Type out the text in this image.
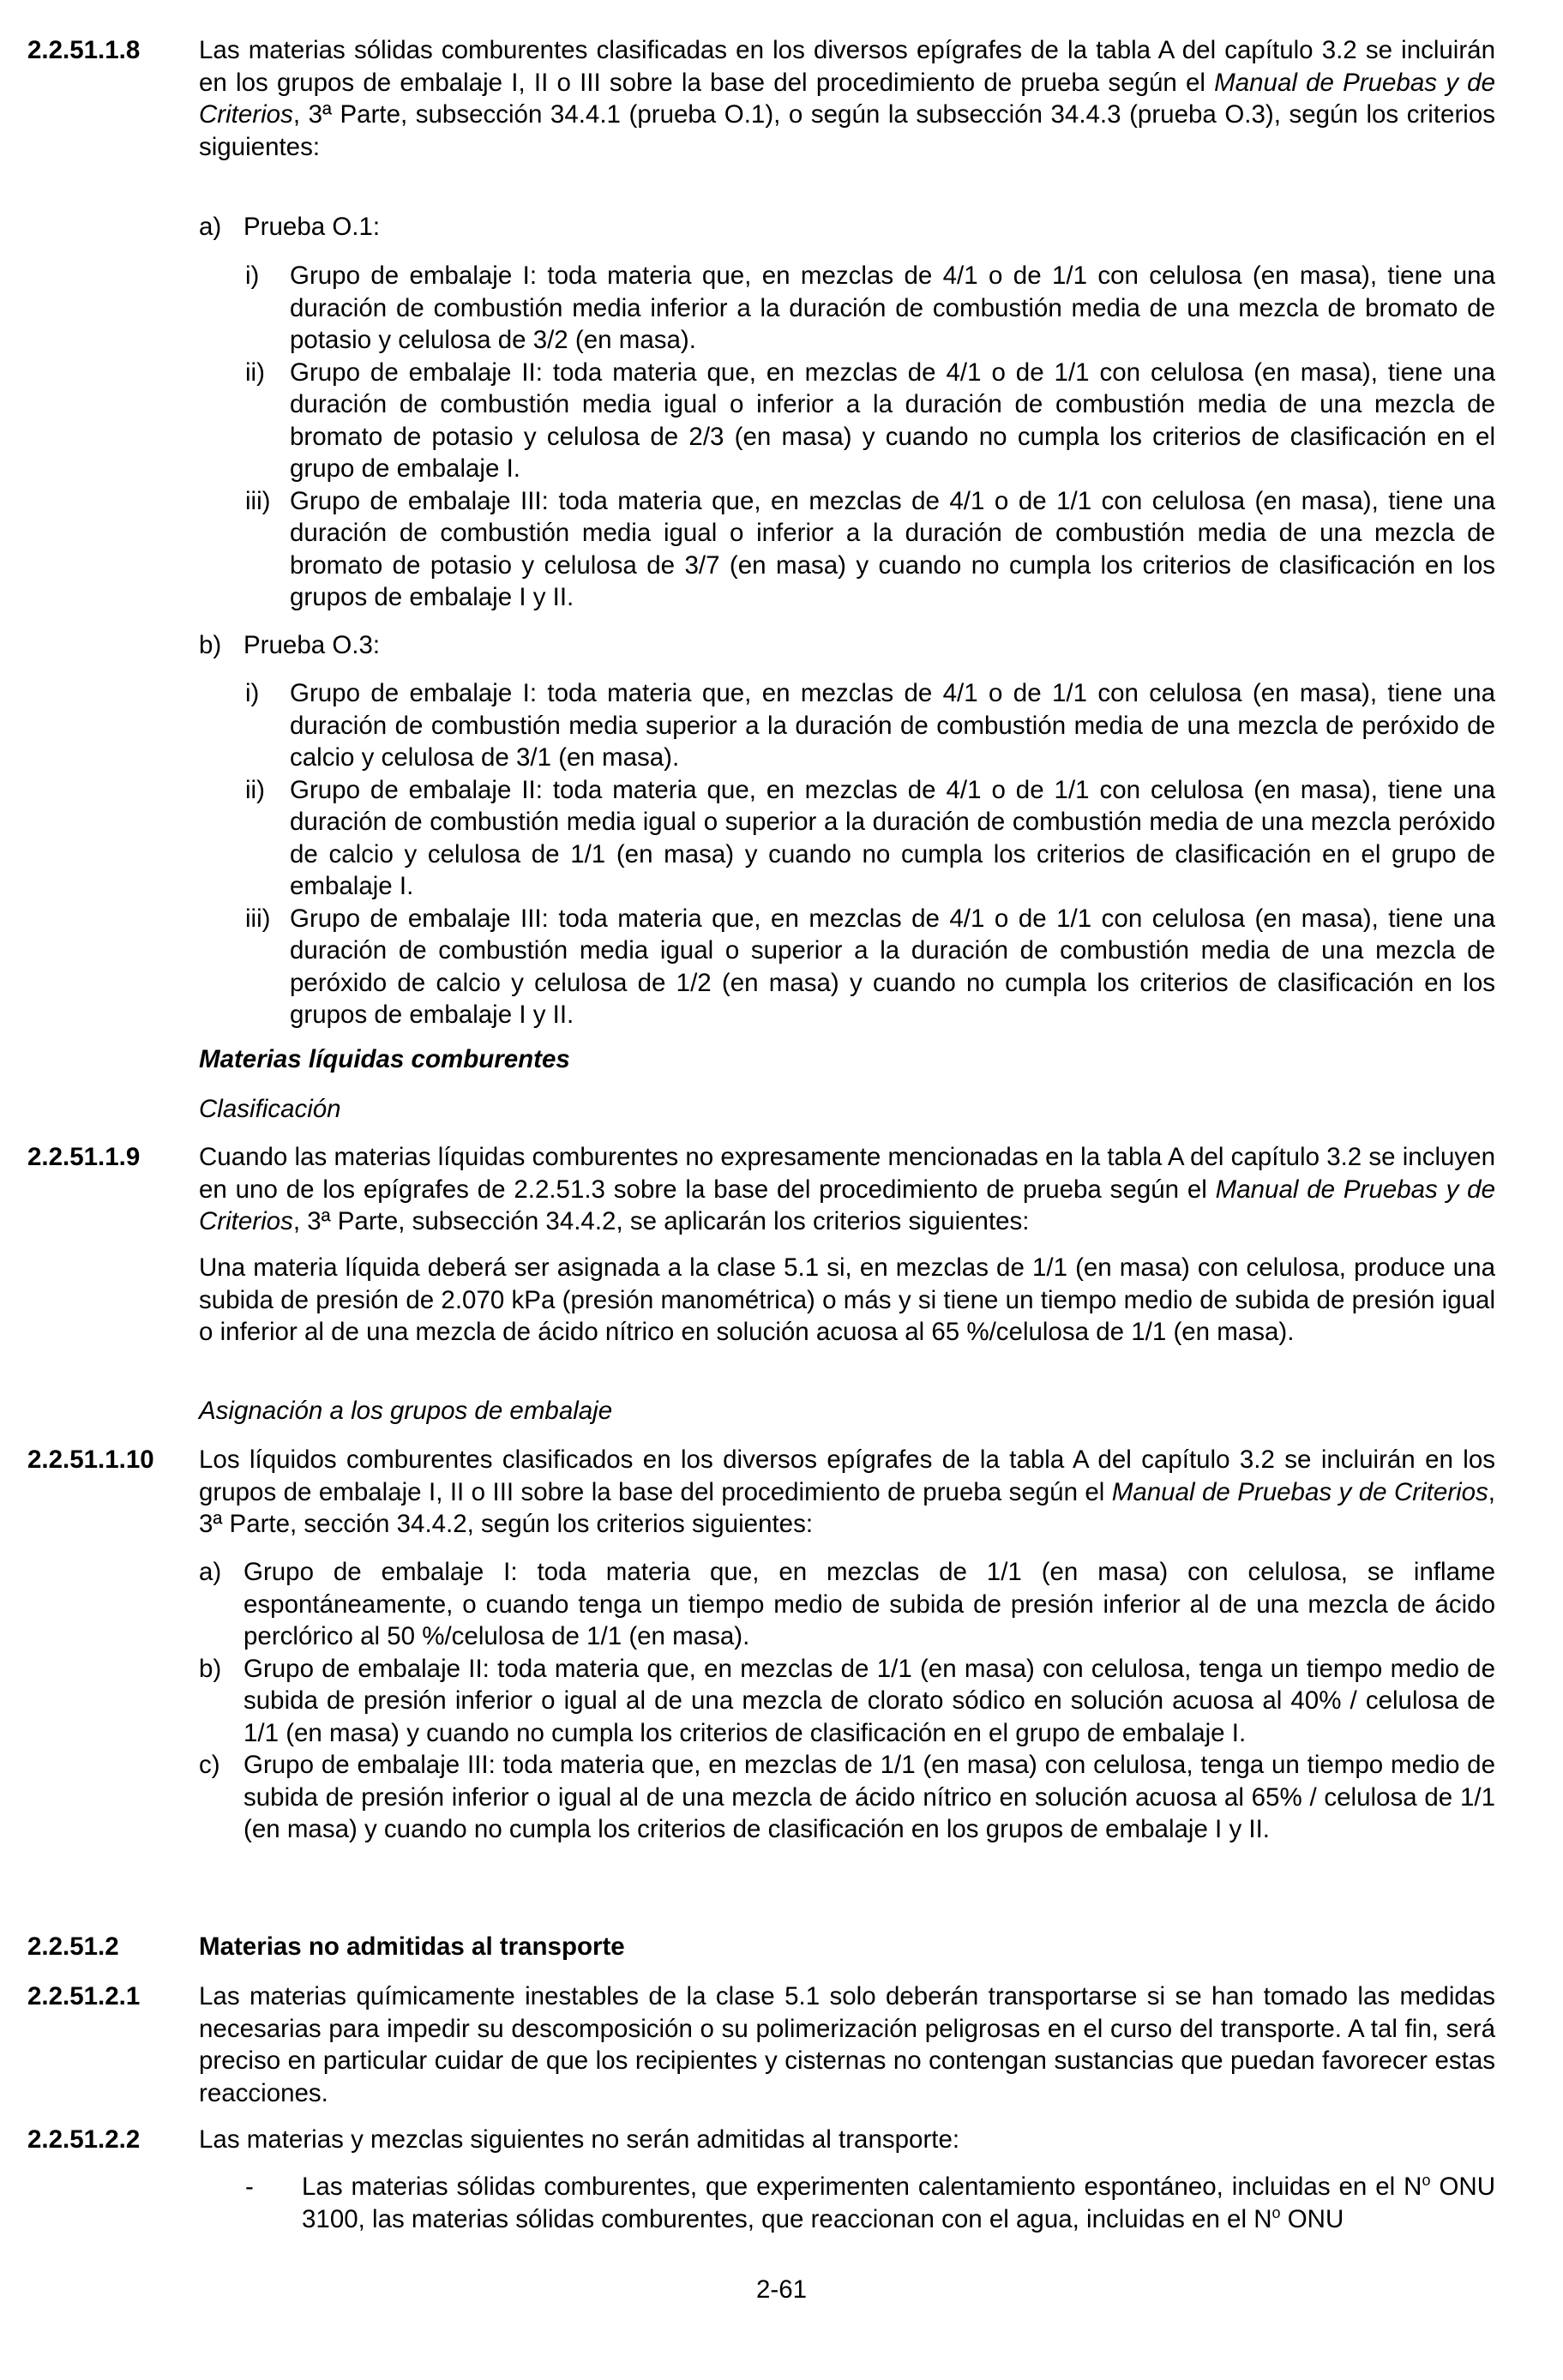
2.2.51.1.8 Las materias sólidas comburentes clasificadas en los diversos epígrafes de la tabla A del capítulo 3.2 se incluirán en los grupos de embalaje I, II o III sobre la base del procedimiento de prueba según el Manual de Pruebas y de Criterios, 3ª Parte, subsección 34.4.1 (prueba O.1), o según la subsección 34.4.3 (prueba O.3), según los criterios siguientes:

a) Prueba O.1:
i) Grupo de embalaje I: toda materia que, en mezclas de 4/1 o de 1/1 con celulosa (en masa), tiene una duración de combustión media inferior a la duración de combustión media de una mezcla de bromato de potasio y celulosa de 3/2 (en masa).
ii) Grupo de embalaje II: toda materia que, en mezclas de 4/1 o de 1/1 con celulosa (en masa), tiene una duración de combustión media igual o inferior a la duración de combustión media de una mezcla de bromato de potasio y celulosa de 2/3 (en masa) y cuando no cumpla los criterios de clasificación en el grupo de embalaje I.
iii) Grupo de embalaje III: toda materia que, en mezclas de 4/1 o de 1/1 con celulosa (en masa), tiene una duración de combustión media igual o inferior a la duración de combustión media de una mezcla de bromato de potasio y celulosa de 3/7 (en masa) y cuando no cumpla los criterios de clasificación en los grupos de embalaje I y II.
b) Prueba O.3:
i) Grupo de embalaje I: toda materia que, en mezclas de 4/1 o de 1/1 con celulosa (en masa), tiene una duración de combustión media superior a la duración de combustión media de una mezcla de peróxido de calcio y celulosa de 3/1 (en masa).
ii) Grupo de embalaje II: toda materia que, en mezclas de 4/1 o de 1/1 con celulosa (en masa), tiene una duración de combustión media igual o superior a la duración de combustión media de una mezcla peróxido de calcio y celulosa de 1/1 (en masa) y cuando no cumpla los criterios de clasificación en el grupo de embalaje I.
iii) Grupo de embalaje III: toda materia que, en mezclas de 4/1 o de 1/1 con celulosa (en masa), tiene una duración de combustión media igual o superior a la duración de combustión media de una mezcla de peróxido de calcio y celulosa de 1/2 (en masa) y cuando no cumpla los criterios de clasificación en los grupos de embalaje I y II.

Materias líquidas comburentes

Clasificación

2.2.51.1.9 Cuando las materias líquidas comburentes no expresamente mencionadas en la tabla A del capítulo 3.2 se incluyen en uno de los epígrafes de 2.2.51.3 sobre la base del procedimiento de prueba según el Manual de Pruebas y de Criterios, 3ª Parte, subsección 34.4.2, se aplicarán los criterios siguientes:

Una materia líquida deberá ser asignada a la clase 5.1 si, en mezclas de 1/1 (en masa) con celulosa, produce una subida de presión de 2.070 kPa (presión manométrica) o más y si tiene un tiempo medio de subida de presión igual o inferior al de una mezcla de ácido nítrico en solución acuosa al 65 %/celulosa de 1/1 (en masa).

Asignación a los grupos de embalaje

2.2.51.1.10 Los líquidos comburentes clasificados en los diversos epígrafes de la tabla A del capítulo 3.2 se incluirán en los grupos de embalaje I, II o III sobre la base del procedimiento de prueba según el Manual de Pruebas y de Criterios, 3ª Parte, sección 34.4.2, según los criterios siguientes:

a) Grupo de embalaje I: toda materia que, en mezclas de 1/1 (en masa) con celulosa, se inflame espontáneamente, o cuando tenga un tiempo medio de subida de presión inferior al de una mezcla de ácido perclórico al 50 %/celulosa de 1/1 (en masa).
b) Grupo de embalaje II: toda materia que, en mezclas de 1/1 (en masa) con celulosa, tenga un tiempo medio de subida de presión inferior o igual al de una mezcla de clorato sódico en solución acuosa al 40% / celulosa de 1/1 (en masa) y cuando no cumpla los criterios de clasificación en el grupo de embalaje I.
c) Grupo de embalaje III: toda materia que, en mezclas de 1/1 (en masa) con celulosa, tenga un tiempo medio de subida de presión inferior o igual al de una mezcla de ácido nítrico en solución acuosa al 65% / celulosa de 1/1 (en masa) y cuando no cumpla los criterios de clasificación en los grupos de embalaje I y II.
2.2.51.2	Materias no admitidas al transporte

2.2.51.2.1 Las materias químicamente inestables de la clase 5.1 solo deberán transportarse si se han tomado las medidas necesarias para impedir su descomposición o su polimerización peligrosas en el curso del transporte. A tal fin, será preciso en particular cuidar de que los recipientes y cisternas no contengan sustancias que puedan favorecer estas reacciones.

2.2.51.2.2 Las materias y mezclas siguientes no serán admitidas al transporte:

- Las materias sólidas comburentes, que experimenten calentamiento espontáneo, incluidas en el $N^o$ ONU 3100, las materias sólidas comburentes, que reaccionan con el agua, incluidas en el $N^o$ ONU
2-61
